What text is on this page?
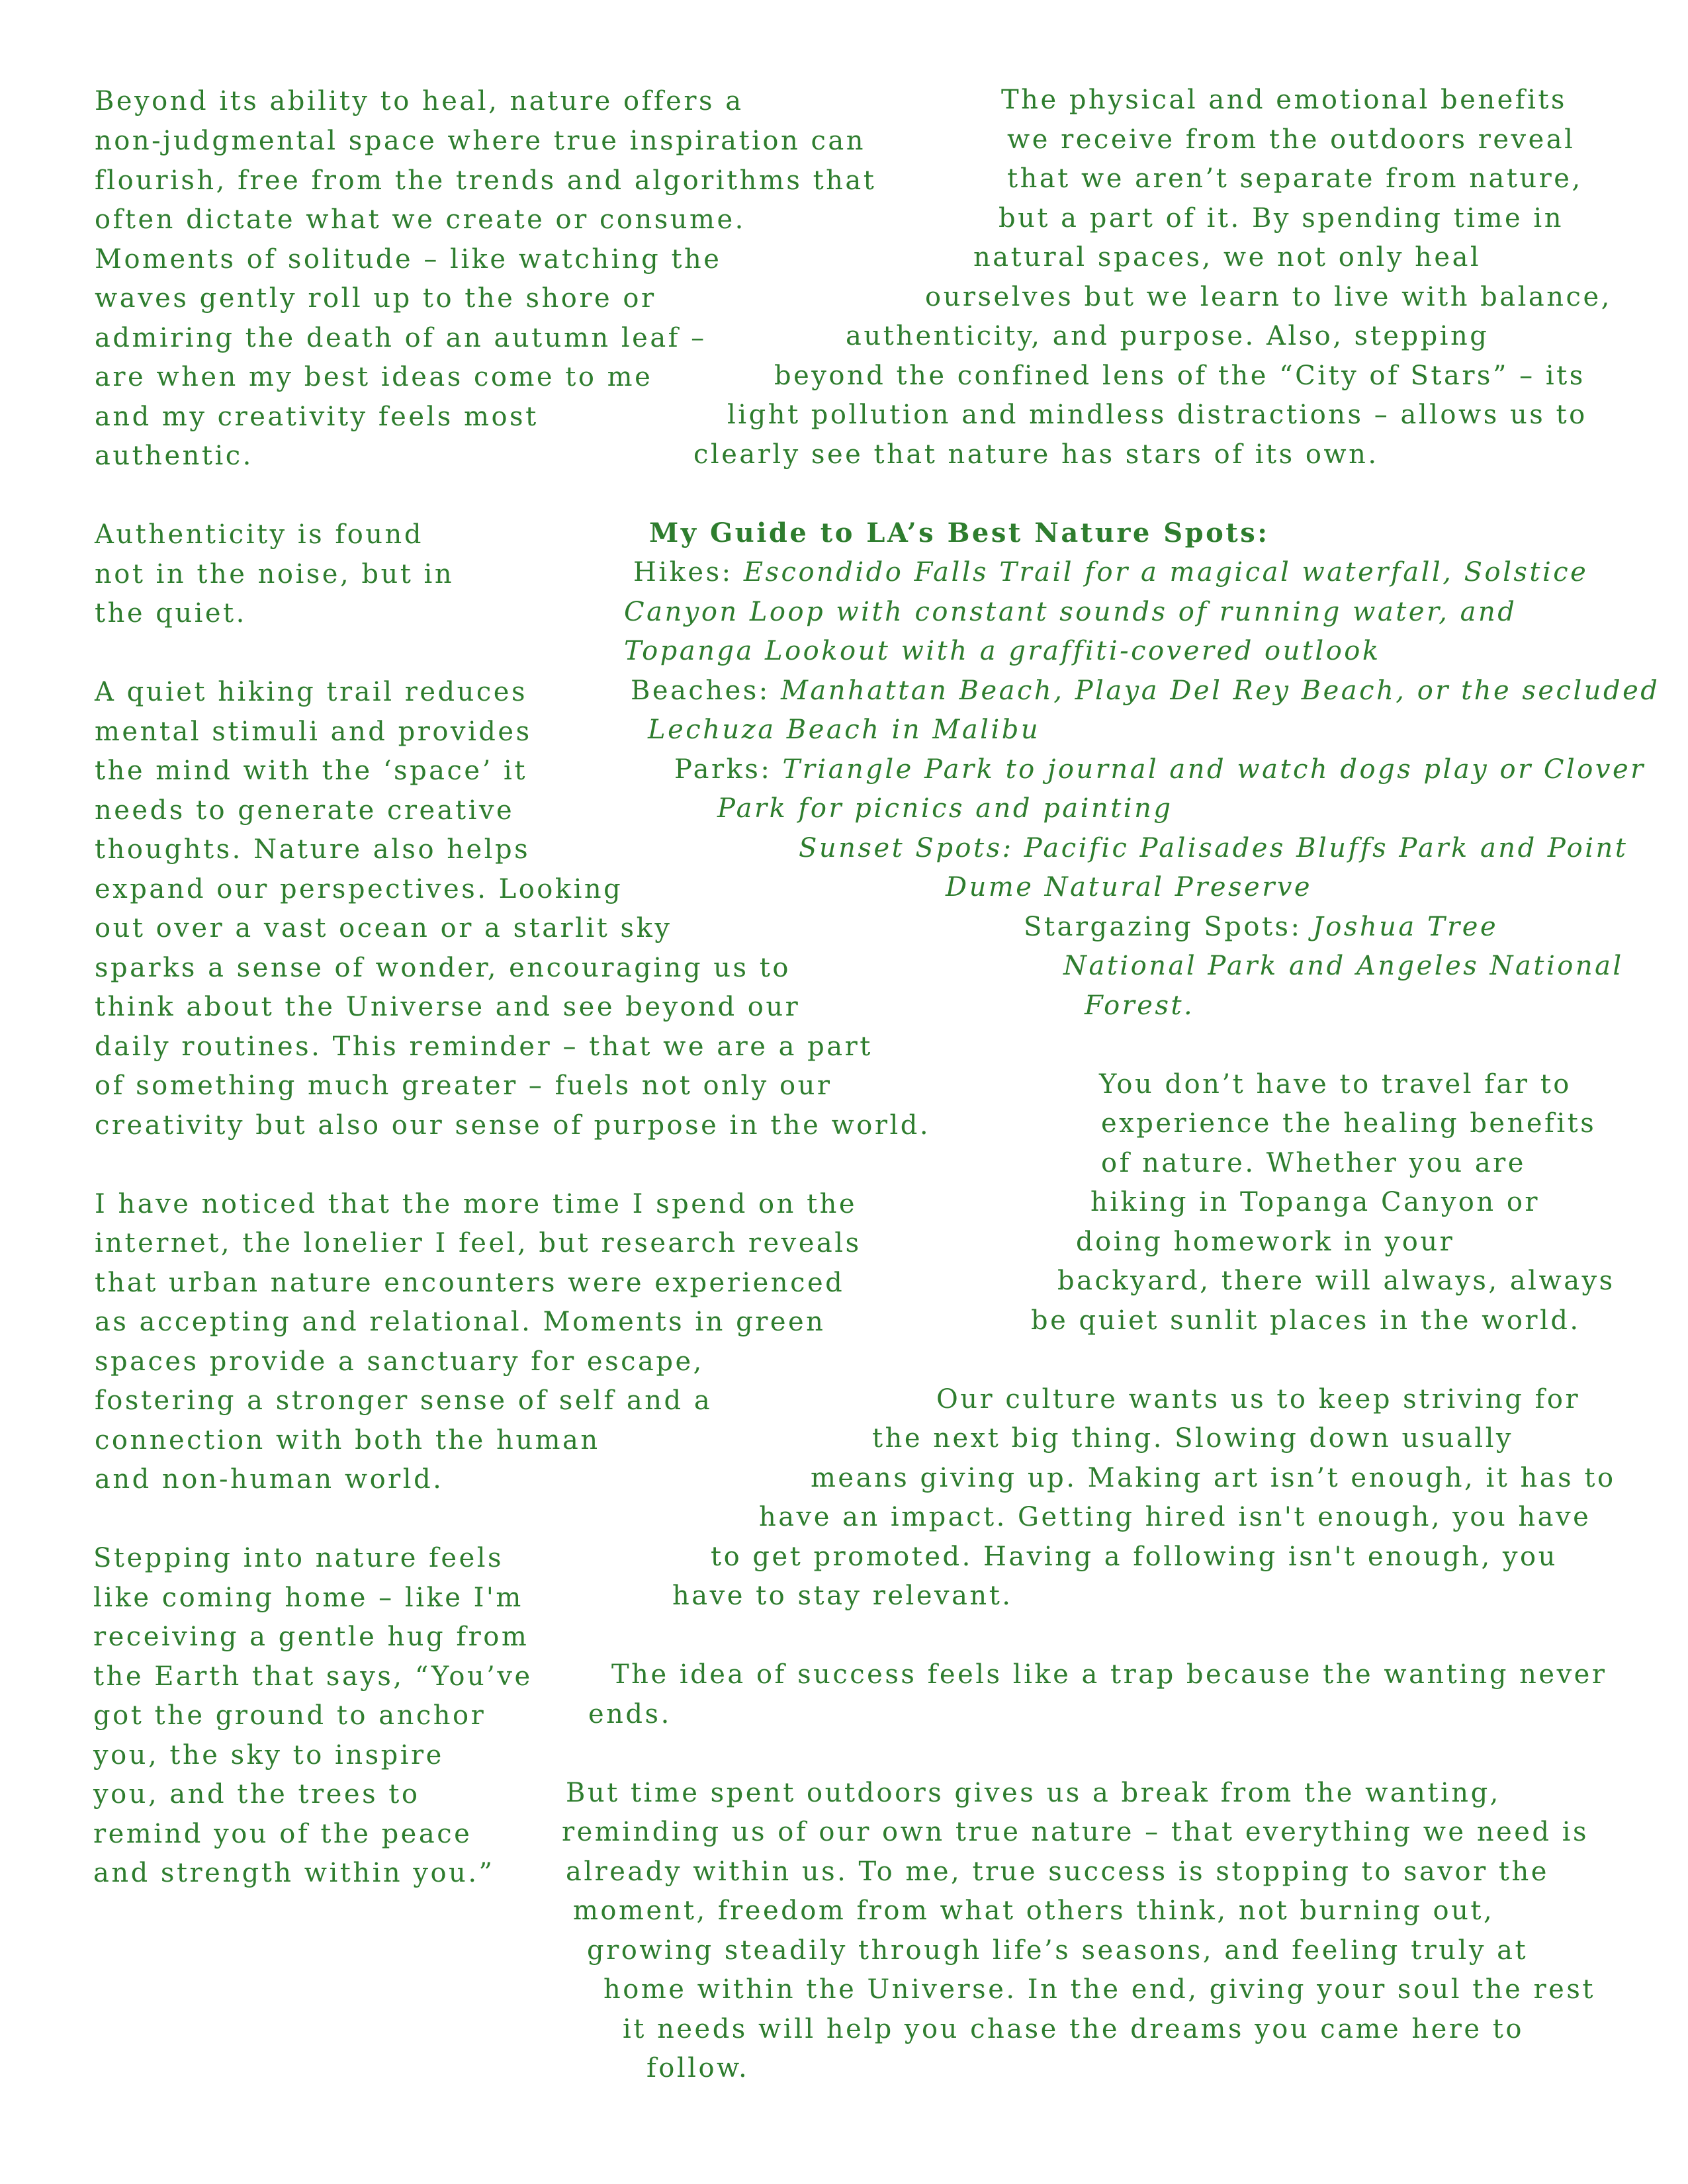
Beyond its ability to heal, nature offers a
non-judgmental space where true inspiration can
flourish, free from the trends and algorithms that
often dictate what we create or consume.
Moments of solitude – like watching the
waves gently roll up to the shore or
admiring the death of an autumn leaf –
are when my best ideas come to me
and my creativity feels most
authentic.
Authenticity is found
not in the noise, but in
the quiet.
A quiet hiking trail reduces
mental stimuli and provides
the mind with the ‘space’ it
needs to generate creative
thoughts. Nature also helps
expand our perspectives. Looking
out over a vast ocean or a starlit sky
sparks a sense of wonder, encouraging us to
think about the Universe and see beyond our
daily routines. This reminder – that we are a part
of something much greater – fuels not only our
creativity but also our sense of purpose in the world.
I have noticed that the more time I spend on the
internet, the lonelier I feel, but research reveals
that urban nature encounters were experienced
as accepting and relational. Moments in green
spaces provide a sanctuary for escape,
fostering a stronger sense of self and a
connection with both the human
and non-human world.
Stepping into nature feels
like coming home – like I'm
receiving a gentle hug from
the Earth that says, “You’ve
got the ground to anchor
you, the sky to inspire
you, and the trees to
remind you of the peace
and strength within you.”
The physical and emotional benefits
we receive from the outdoors reveal
that we aren’t separate from nature,
but a part of it. By spending time in
natural spaces, we not only heal
ourselves but we learn to live with balance,
authenticity, and purpose. Also, stepping
beyond the confined lens of the “City of Stars” – its
light pollution and mindless distractions – allows us to
clearly see that nature has stars of its own.
My Guide to LA’s Best Nature Spots:
Hikes: Escondido Falls Trail for a magical waterfall, Solstice
Canyon Loop with constant sounds of running water, and
Topanga Lookout with a graffiti-covered outlook
Beaches: Manhattan Beach, Playa Del Rey Beach, or the secluded
Lechuza Beach in Malibu
Parks: Triangle Park to journal and watch dogs play or Clover
Park for picnics and painting
Sunset Spots: Pacific Palisades Bluffs Park and Point
Dume Natural Preserve
Stargazing Spots: Joshua Tree
National Park and Angeles National
Forest.
You don’t have to travel far to
experience the healing benefits
of nature. Whether you are
hiking in Topanga Canyon or
doing homework in your
backyard, there will always, always
be quiet sunlit places in the world.
Our culture wants us to keep striving for
the next big thing. Slowing down usually
means giving up. Making art isn’t enough, it has to
have an impact. Getting hired isn't enough, you have
to get promoted. Having a following isn't enough, you
have to stay relevant.
The idea of success feels like a trap because the wanting never
ends.
But time spent outdoors gives us a break from the wanting,
reminding us of our own true nature – that everything we need is
already within us. To me, true success is stopping to savor the
moment, freedom from what others think, not burning out,
growing steadily through life’s seasons, and feeling truly at
home within the Universe. In the end, giving your soul the rest
it needs will help you chase the dreams you came here to
follow.
